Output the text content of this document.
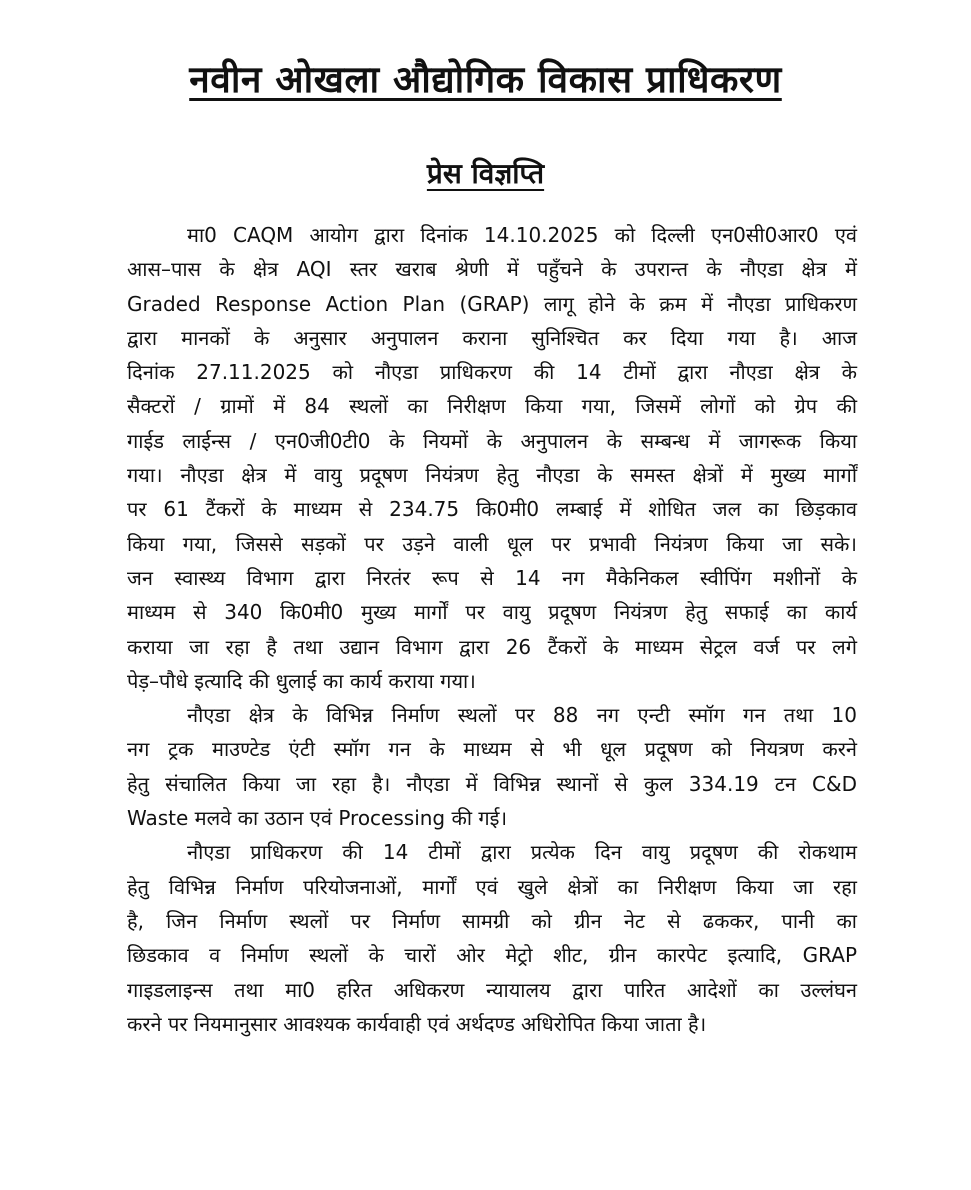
नवीन ओखला औद्योगिक विकास प्राधिकरण
प्रेस विज्ञप्ति
मा0 CAQM आयोग द्वारा दिनांक 14.10.2025 को दिल्ली एन0सी0आर0 एवं
आस–पास के क्षेत्र AQI स्तर खराब श्रेणी में पहुँचने के उपरान्त के नौएडा क्षेत्र में
Graded Response Action Plan (GRAP) लागू होने के क्रम में नौएडा प्राधिकरण
द्वारा मानकों के अनुसार अनुपालन कराना सुनिश्चित कर दिया गया है। आज
दिनांक 27.11.2025 को नौएडा प्राधिकरण की 14 टीमों द्वारा नौएडा क्षेत्र के
सैक्टरों / ग्रामों में 84 स्थलों का निरीक्षण किया गया, जिसमें लोगों को ग्रेप की
गाईड लाईन्स / एन0जी0टी0 के नियमों के अनुपालन के सम्बन्ध में जागरूक किया
गया। नौएडा क्षेत्र में वायु प्रदूषण नियंत्रण हेतु नौएडा के समस्त क्षेत्रों में मुख्य मार्गों
पर 61 टैंकरों के माध्यम से 234.75 कि0मी0 लम्बाई में शोधित जल का छिड़काव
किया गया, जिससे सड़कों पर उड़ने वाली धूल पर प्रभावी नियंत्रण किया जा सके।
जन स्वास्थ्य विभाग द्वारा निरतंर रूप से 14 नग मैकेनिकल स्वीपिंग मशीनों के
माध्यम से 340 कि0मी0 मुख्य मार्गों पर वायु प्रदूषण नियंत्रण हेतु सफाई का कार्य
कराया जा रहा है तथा उद्यान विभाग द्वारा 26 टैंकरों के माध्यम सेट्रल वर्ज पर लगे
पेड़–पौधे इत्यादि की धुलाई का कार्य कराया गया।
नौएडा क्षेत्र के विभिन्न निर्माण स्थलों पर 88 नग एन्टी स्मॉग गन तथा 10
नग ट्रक माउण्टेड एंटी स्मॉग गन के माध्यम से भी धूल प्रदूषण को नियत्रण करने
हेतु संचालित किया जा रहा है। नौएडा में विभिन्न स्थानों से कुल 334.19 टन C&D
Waste मलवे का उठान एवं Processing की गई।
नौएडा प्राधिकरण की 14 टीमों द्वारा प्रत्येक दिन वायु प्रदूषण की रोकथाम
हेतु विभिन्न निर्माण परियोजनाओं, मार्गों एवं खुले क्षेत्रों का निरीक्षण किया जा रहा
है, जिन निर्माण स्थलों पर निर्माण सामग्री को ग्रीन नेट से ढककर, पानी का
छिडकाव व निर्माण स्थलों के चारों ओर मेट्रो शीट, ग्रीन कारपेट इत्यादि, GRAP
गाइडलाइन्स तथा मा0 हरित अधिकरण न्यायालय द्वारा पारित आदेशों का उल्लंघन
करने पर नियमानुसार आवश्यक कार्यवाही एवं अर्थदण्ड अधिरोपित किया जाता है।
